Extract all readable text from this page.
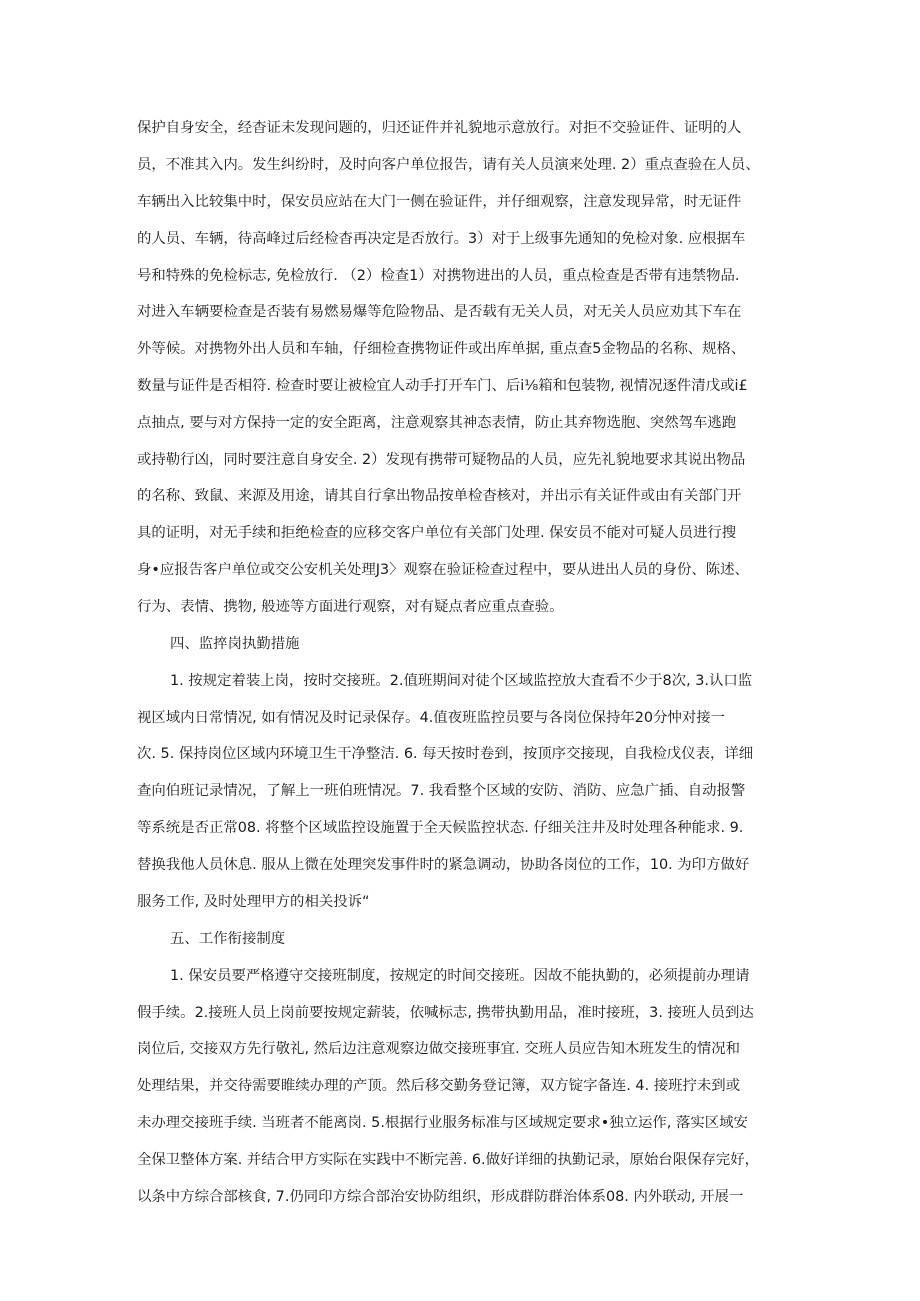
保护自身安全，经杳证未发现问题的，归还证件并礼貌地示意放行。对拒不交验证件、证明的人

员，不准其入内。发生纠纷时，及时向客户单位报告，请有关人员演来处理. 2）重点查验在人员、

车辆出入比较集中时，保安员应站在大门一侧在验证件，并仔细观察，注意发现异常，时无证件

的人员、车辆，待高峰过后经检杳再决定是否放行。3）对于上级事先通知的免检对象. 应根据车

号和特殊的免检标志, 免检放行. （2）检查1）对携物进出的人员，重点检查是否带有违禁物品.

对进入车辆要检查是否装有易燃易爆等危险物品、是否载有无关人员，对无关人员应劝其下车在

外等候。对携物外出人员和车轴，仔细检查携物证件或出库单据, 重点查5金物品的名称、规格、

数量与证件是否相符. 检查时要让被检宜人动手打开车门、后i⅛箱和包装物, 视情况逐件清戊或i£

点抽点, 要与对方保持一定的安全距离，注意观察其神态表情，防止其弃物选胞、突然驾车逃跑

或持勒行凶，同时要注意自身安全. 2）发现有携带可疑物品的人员，应先礼貌地要求其说出物品

的名称、致鼠、来源及用途，请其自行拿出物品按单检杳核对，并出示有关证件或由有关部门开

具的证明，对无手续和拒绝检查的应移交客户单位有关部门处理. 保安员不能对可疑人员进行搜

身•应报告客户单位或交公安机关处理J3〉观察在验证检查过程中，要从进出人员的身份、陈述、

行为、表情、携物, 般迹等方面进行观察，对有疑点者应重点查验。

四、监捽岗执勤措施

1. 按规定着装上岗，按时交接班。2.值班期间对徒个区域监控放大査看不少于8次, 3.认口监

视区域内日常情况, 如有情况及时记录保存。4.值夜班监控员要与各岗位保持年20分忡对接一

次. 5. 保持岗位区域内环境卫生干净整洁. 6. 每天按时卷到，按顶序交接现，自我检戊仪表，详细

查向伯班记录情况，了解上一班伯班情况。7. 我看整个区域的安防、消防、应急广插、自动报警

等系统是否正常08. 将整个区域监控设施置于全天候监控状态. 仔细关注井及时处理各种能求. 9.

替换我他人员休息. 服从上微在处理突发事件时的紧急调动，协助各岗位的工作，10. 为印方做好

服务工作, 及时处理甲方的相关投诉“

五、工作衔接制度

1. 保安员要严格遵守交接班制度，按规定的时间交接班。因故不能执勤的，必须提前办理请

假手续。2.接班人员上岗前要按规定薪装，依喊标志, 携带执勤用品，准时接班，3. 接班人员到达

岗位后, 交接双方先行敬礼, 然后边注意观察边做交接班事宜. 交班人员应告知木班发生的情况和

处理结果，并交待需要睢续办理的产顶。然后移交勤务登记簿，双方锭字备连. 4. 接班拧未到或

未办理交接班手续. 当班者不能离岗. 5.根据行业服务标准与区域规定要求•独立运作, 落实区域安

全保卫整体方案. 并结合甲方实际在实践中不断完善. 6.做好详细的执勤记录，原始台限保存完好，

以条中方综合部核食, 7.仍同印方综合部治安协防组织，形成群防群治体系08. 内外联动, 开展一
